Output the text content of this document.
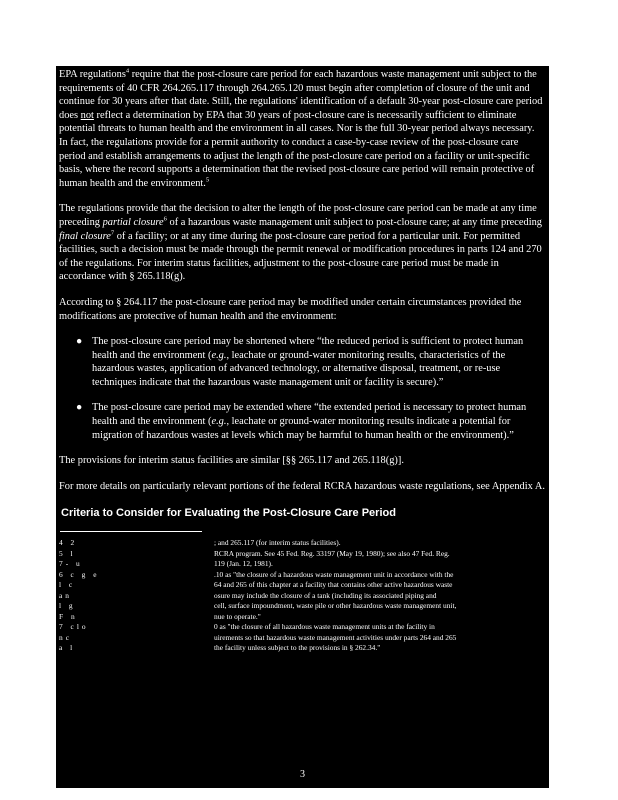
EPA regulations$^4$ require that the post-closure care period for each hazardous waste management unit subject to the requirements of 40 CFR 264.265.117 through 264.265.120 must begin after completion of closure of the unit and continue for 30 years after that date. Still, the regulations' identification of a default 30-year post-closure care period does not reflect a determination by EPA that 30 years of post-closure care is necessarily sufficient to eliminate potential threats to human health and the environment in all cases. Nor is the full 30-year period always necessary. In fact, the regulations provide for a permit authority to conduct a case-by-case review of the post-closure care period and establish arrangements to adjust the length of the post-closure care period on a facility or unit-specific basis, where the record supports a determination that the revised post-closure care period will remain protective of human health and the environment.$^5$

The regulations provide that the decision to alter the length of the post-closure care period can be made at any time preceding partial closure$^6$ of a hazardous waste management unit subject to post-closure care; at any time preceding final closure$^7$ of a facility; or at any time during the post-closure care period for a particular unit. For permitted facilities, such a decision must be made through the permit renewal or modification procedures in parts 124 and 270 of the regulations. For interim status facilities, adjustment to the post-closure care period must be made in accordance with § 265.118(g).

According to § 264.117 the post-closure care period may be modified under certain circumstances provided the modifications are protective of human health and the environment:

● The post-closure care period may be shortened where “the reduced period is sufficient to protect human health and the environment (e.g., leachate or ground-water monitoring results, characteristics of the hazardous wastes, application of advanced technology, or alternative disposal, treatment, or re-use techniques indicate that the hazardous waste management unit or facility is secure).”
● The post-closure care period may be extended where “the extended period is necessary to protect human health and the environment (e.g., leachate or ground-water monitoring results indicate a potential for migration of hazardous wastes at levels which may be harmful to human health or the environment).”

The provisions for interim status facilities are similar [§§ 265.117 and 265.118(g)].

For more details on particularly relevant portions of the federal RCRA hazardous waste regulations, see Appendix A.

Criteria to Consider for Evaluating the Post-Closure Care Period
4 2	; and 265.117 (for interim status facilities).
5 l	RCRA program. See 45 Fed. Reg. 33197 (May 19, 1980); see also 47 Fed. Reg.
7- u	119 (Jan. 12, 1981).
6 c g e	.10 as "the closure of a hazardous waste management unit in accordance with the
l c	64 and 265 of this chapter at a facility that contains other active hazardous waste
an	osure may include the closure of a tank (including its associated piping and
l g	cell, surface impoundment, waste pile or other hazardous waste management unit,
F n	nue to operate."
7 clo	0 as "the closure of all hazardous waste management units at the facility in
nc	uirements so that hazardous waste management activities under parts 264 and 265
a l	the facility unless subject to the provisions in § 262.34."
3
